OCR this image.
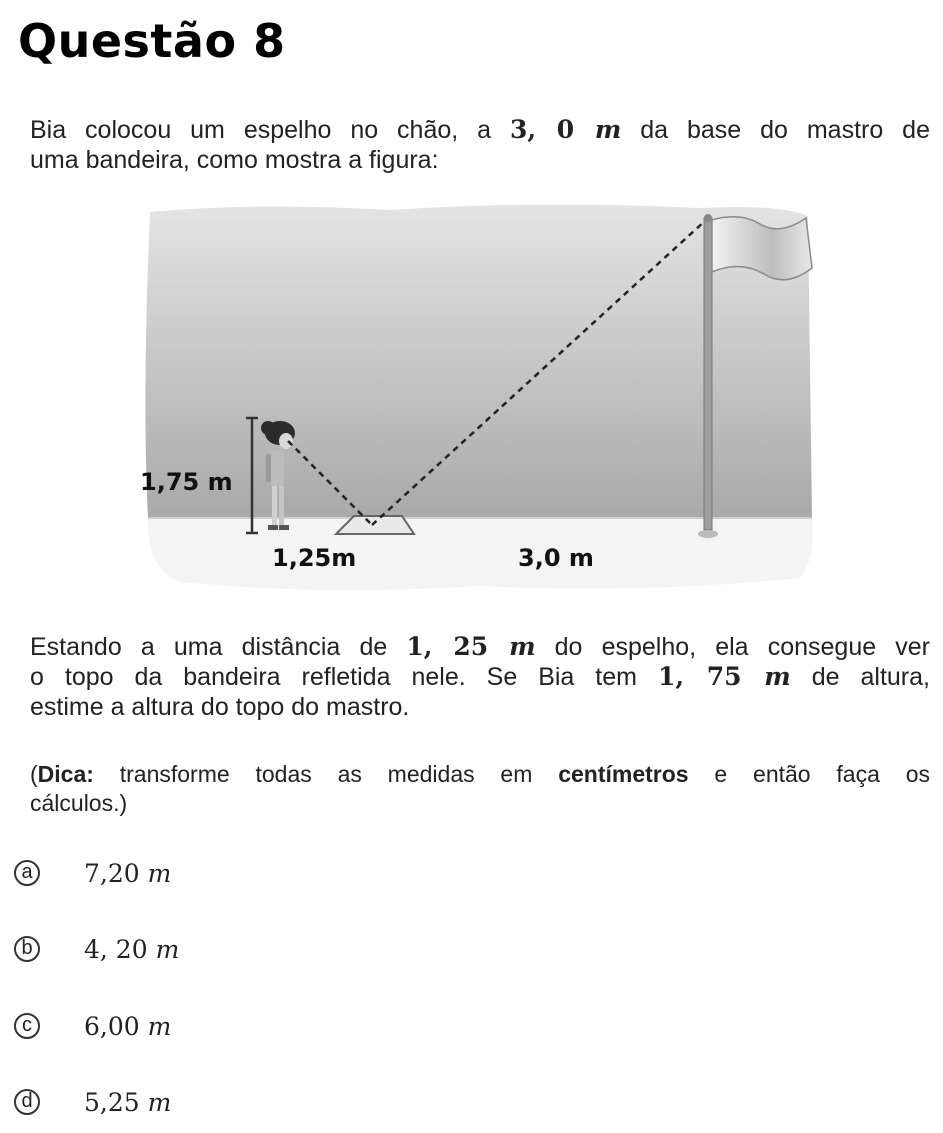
Questão 8
Bia colocou um espelho no chão, a 3, 0 m da base do mastro de
uma bandeira, como mostra a figura:
1,75 m
1,25m	3,0 m
Estando a uma distância de 1, 25 m do espelho, ela consegue ver
o topo da bandeira refletida nele. Se Bia tem 1, 75 m de altura,
estime a altura do topo do mastro.
(Dica: transforme todas as medidas em centímetros e então faça os
cálculos.)
a 7,20 m
b 4, 20 m
c	6,00 m
d 5,25 m
